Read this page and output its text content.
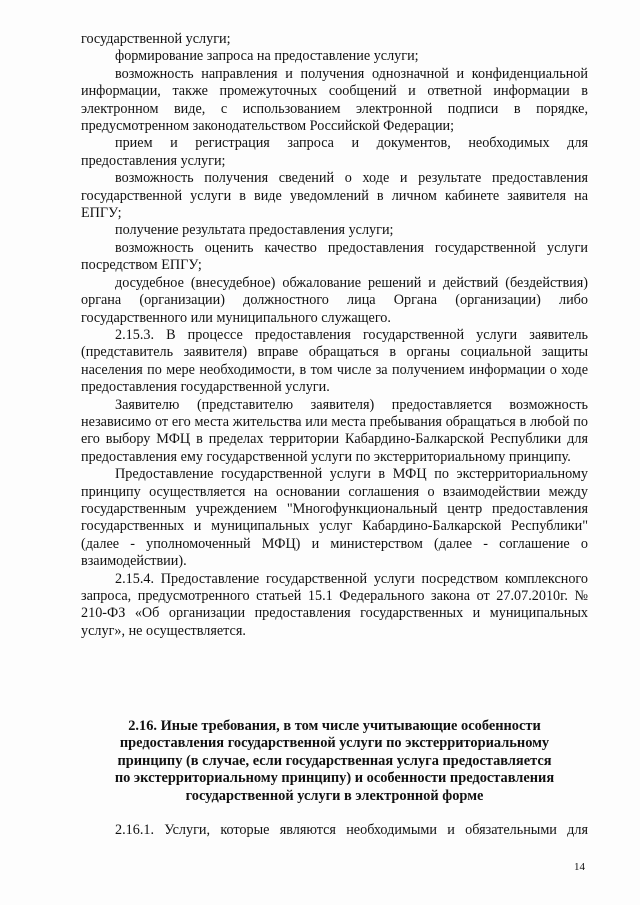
государственной услуги;

формирование запроса на предоставление услуги;

возможность направления и получения однозначной и конфиденциальной информации, также промежуточных сообщений и ответной информации в электронном виде, с использованием электронной подписи в порядке, предусмотренном законодательством Российской Федерации;

прием и регистрация запроса и документов, необходимых для предоставления услуги;

возможность получения сведений о ходе и результате предоставления государственной услуги в виде уведомлений в личном кабинете заявителя на ЕПГУ;

получение результата предоставления услуги;

возможность оценить качество предоставления государственной услуги посредством ЕПГУ;

досудебное (внесудебное) обжалование решений и действий (бездействия) органа (организации) должностного лица Органа (организации) либо государственного или муниципального служащего.

2.15.3. В процессе предоставления государственной услуги заявитель (представитель заявителя) вправе обращаться в органы социальной защиты населения по мере необходимости, в том числе за получением информации о ходе предоставления государственной услуги.

Заявителю (представителю заявителя) предоставляется возможность независимо от его места жительства или места пребывания обращаться в любой по его выбору МФЦ в пределах территории Кабардино-Балкарской Республики для предоставления ему государственной услуги по экстерриториальному принципу.

Предоставление государственной услуги в МФЦ по экстерриториальному принципу осуществляется на основании соглашения о взаимодействии между государственным учреждением "Многофункциональный центр предоставления государственных и муниципальных услуг Кабардино-Балкарской Республики" (далее - уполномоченный МФЦ) и министерством (далее - соглашение о взаимодействии).

2.15.4. Предоставление государственной услуги посредством комплексного запроса, предусмотренного статьей 15.1 Федерального закона от 27.07.2010г. № 210-ФЗ «Об организации предоставления государственных и муниципальных услуг», не осуществляется.

2.16. Иные требования, в том числе учитывающие особенности
предоставления государственной услуги по экстерриториальному
принципу (в случае, если государственная услуга предоставляется
по экстерриториальному принципу) и особенности предоставления
государственной услуги в электронной форме

2.16.1. Услуги, которые являются необходимыми и обязательными для

14
